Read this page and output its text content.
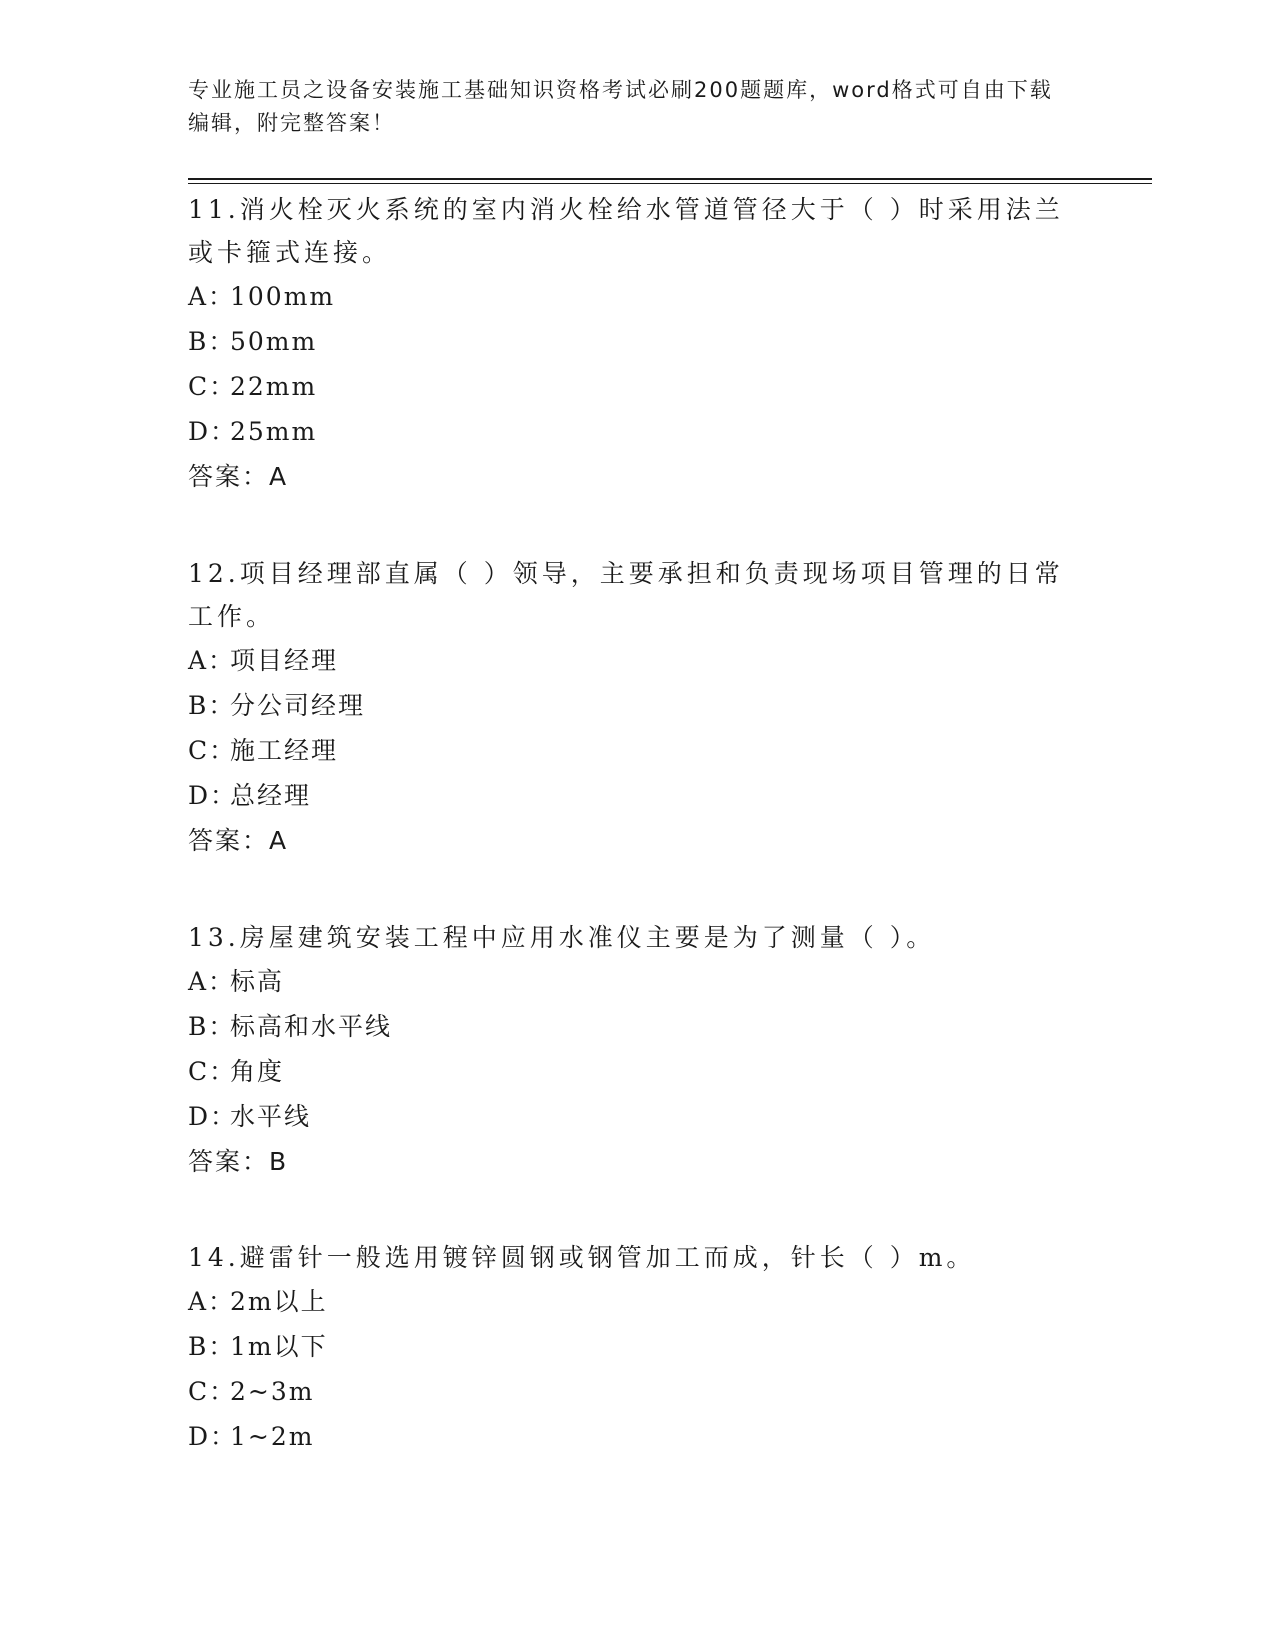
专业施工员之设备安装施工基础知识资格考试必刷200题题库，word格式可自由下载编辑，附完整答案！

11.消火栓灭火系统的室内消火栓给水管道管径大于（ ）时采用法兰或卡箍式连接。

A：100mm

B：50mm

C：22mm

D：25mm

答案：A

12.项目经理部直属（ ）领导，主要承担和负责现场项目管理的日常工作。

A：项目经理

B：分公司经理

C：施工经理

D：总经理

答案：A

13.房屋建筑安装工程中应用水准仪主要是为了测量（ ）。

A：标高

B：标高和水平线

C：角度

D：水平线

答案：B

14.避雷针一般选用镀锌圆钢或钢管加工而成，针长（ ）m。

A：2m以上

B：1m以下

C：2~3m

D：1~2m
